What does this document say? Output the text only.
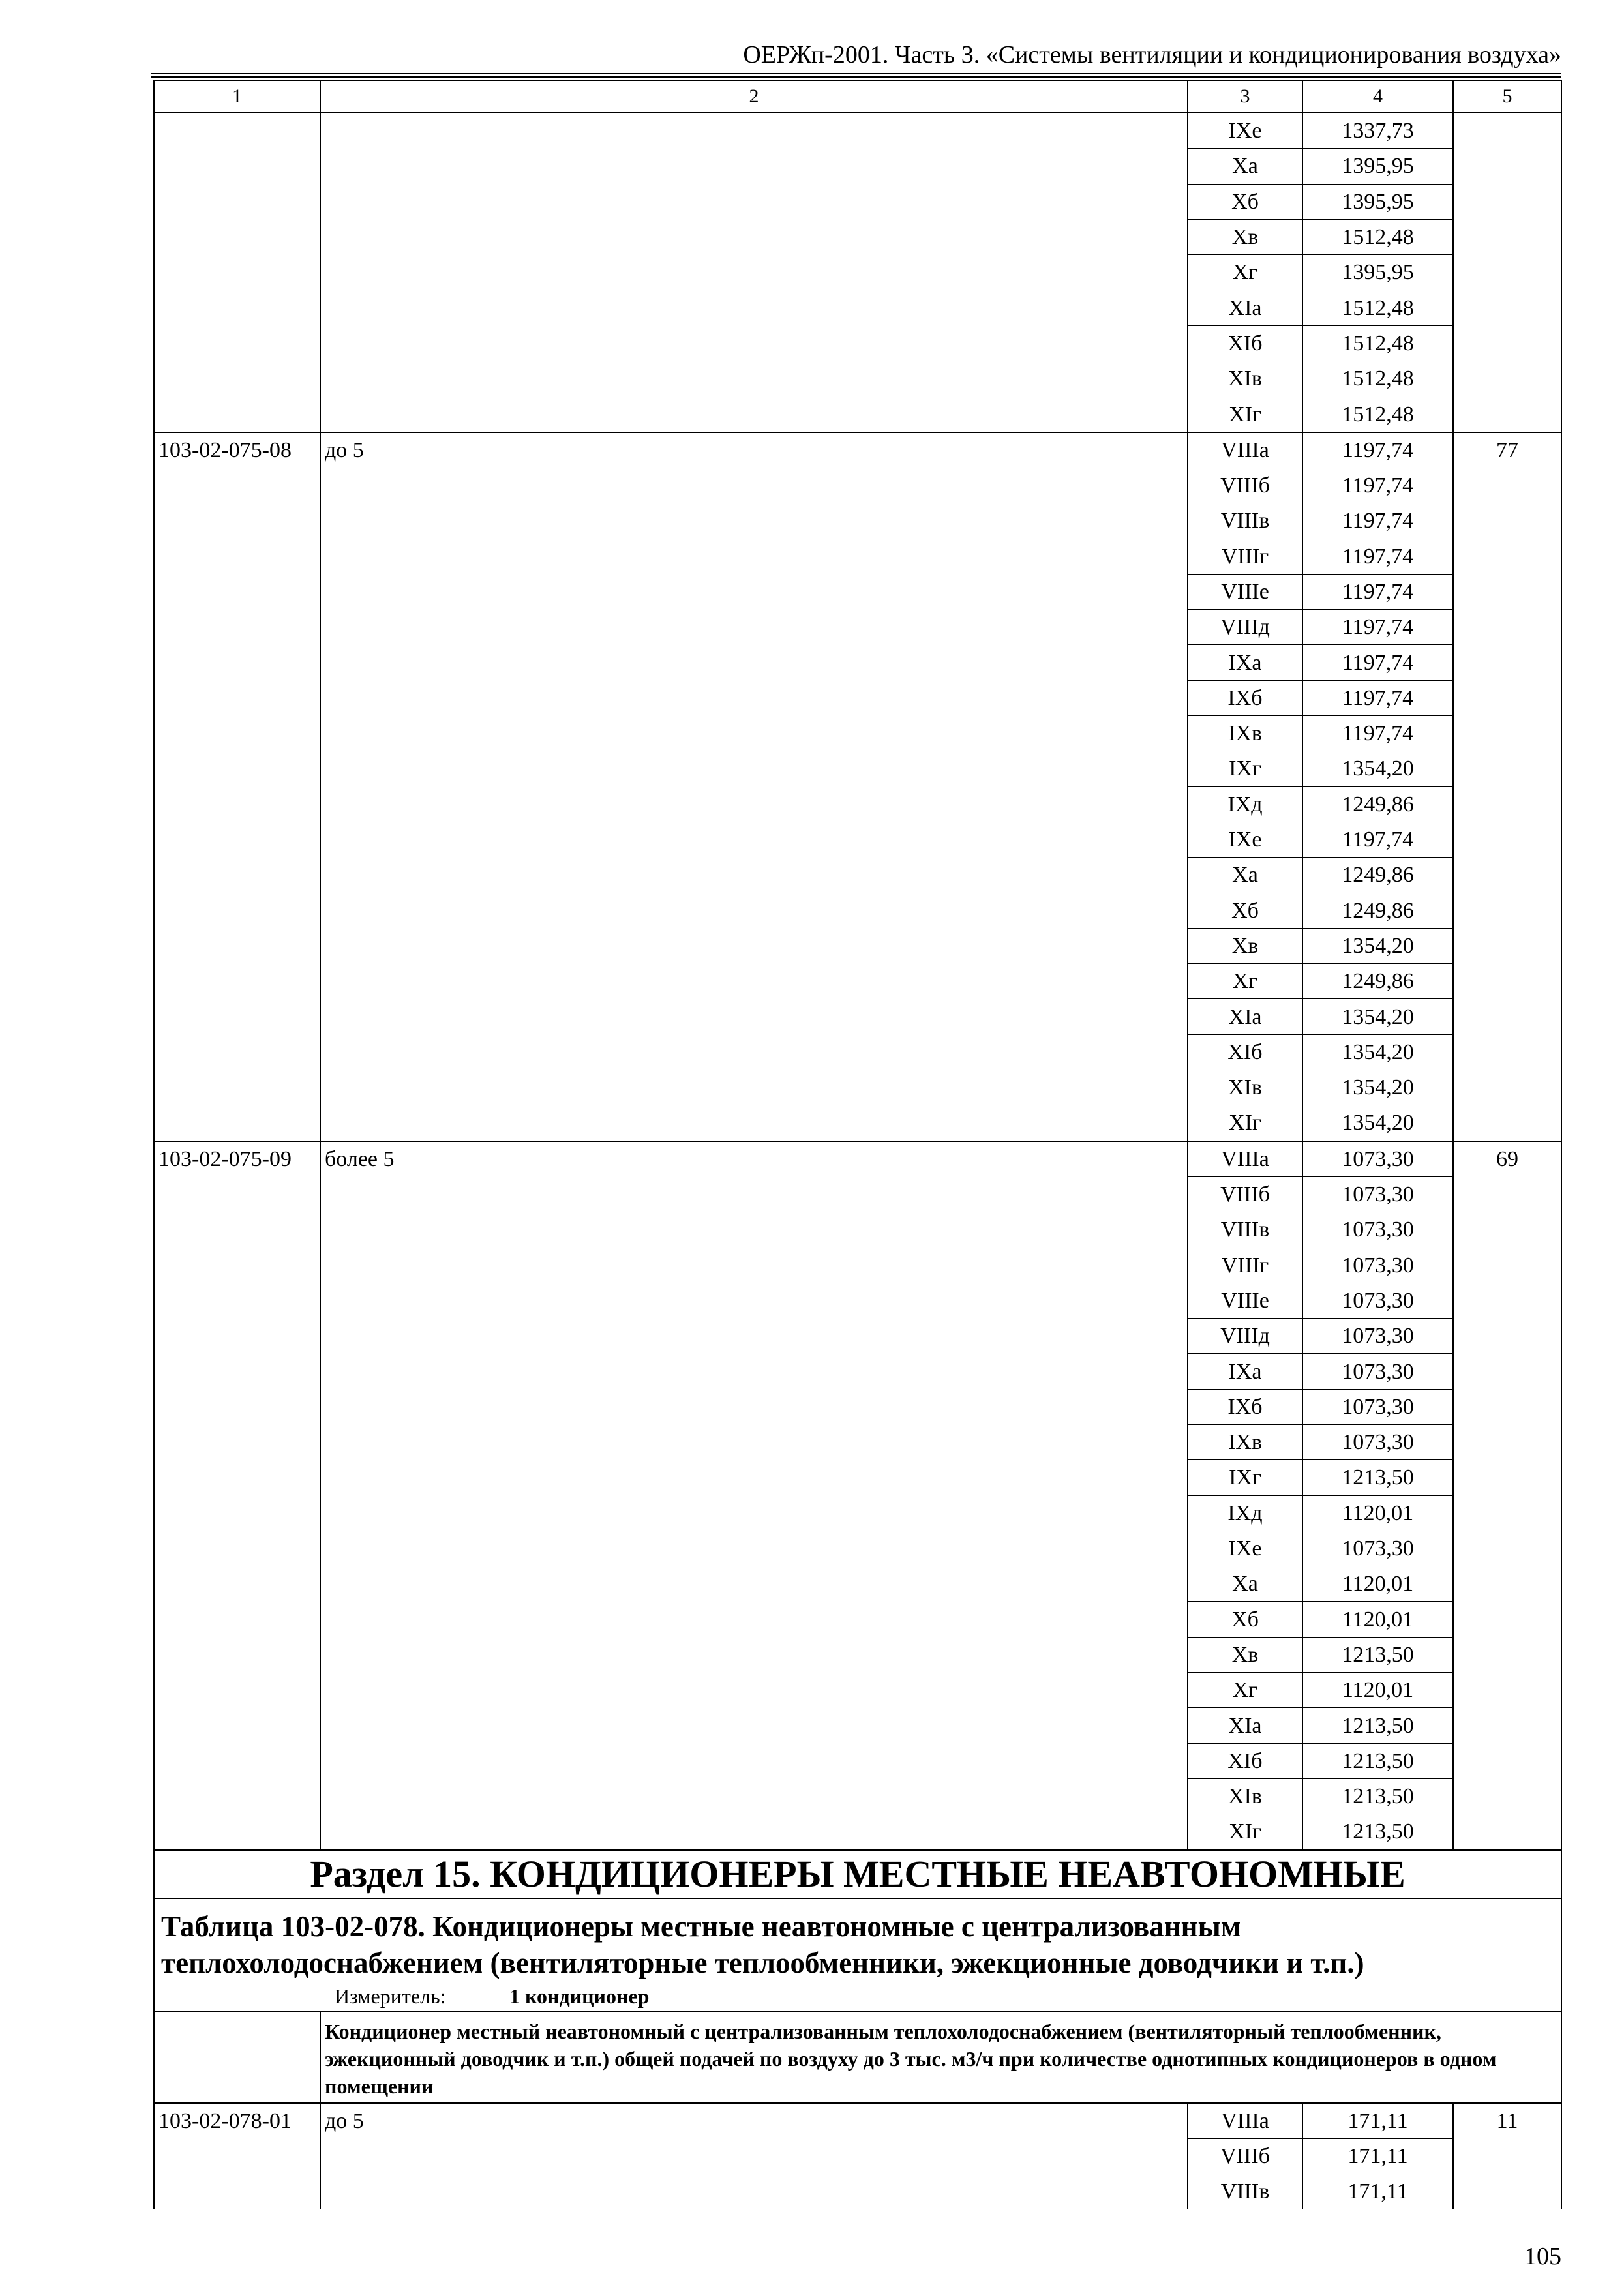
ОЕРЖп-2001. Часть 3. «Системы вентиляции и кондиционирования воздуха»
1	2	3	4	5
		IXе	1337,73	
		Xа	1395,95	
		Xб	1395,95	
		Xв	1512,48	
		Xг	1395,95	
		XIа	1512,48	
		XIб	1512,48	
		XIв	1512,48	
		XIг	1512,48	
103-02-075-08	до 5	VIIIа	1197,74	77
		VIIIб	1197,74	
		VIIIв	1197,74	
		VIIIг	1197,74	
		VIIIе	1197,74	
		VIIIд	1197,74	
		IXа	1197,74	
		IXб	1197,74	
		IXв	1197,74	
		IXг	1354,20	
		IXд	1249,86	
		IXе	1197,74	
		Xа	1249,86	
		Xб	1249,86	
		Xв	1354,20	
		Xг	1249,86	
		XIа	1354,20	
		XIб	1354,20	
		XIв	1354,20	
		XIг	1354,20	
103-02-075-09	более 5	VIIIа	1073,30	69
		VIIIб	1073,30	
		VIIIв	1073,30	
		VIIIг	1073,30	
		VIIIе	1073,30	
		VIIIд	1073,30	
		IXа	1073,30	
		IXб	1073,30	
		IXв	1073,30	
		IXг	1213,50	
		IXд	1120,01	
		IXе	1073,30	
		Xа	1120,01	
		Xб	1120,01	
		Xв	1213,50	
		Xг	1120,01	
		XIа	1213,50	
		XIб	1213,50	
		XIв	1213,50	
		XIг	1213,50	
Раздел 15. КОНДИЦИОНЕРЫ МЕСТНЫЕ НЕАВТОНОМНЫЕ				
Таблица 103-02-078. Кондиционеры местные неавтономные с централизованным теплохолодоснабжением (вентиляторные теплообменники, эжекционные доводчики и т.п.)				
Измеритель: 1 кондиционер				
	Кондиционер местный неавтономный с централизованным теплохолодоснабжением (вентиляторный теплообменник, эжекционный доводчик и т.п.) общей подачей по воздуху до 3 тыс. м3/ч при количестве однотипных кондиционеров в одном помещении			
103-02-078-01	до 5	VIIIа	171,11	11
		VIIIб	171,11	
		VIIIв	171,11	
105
